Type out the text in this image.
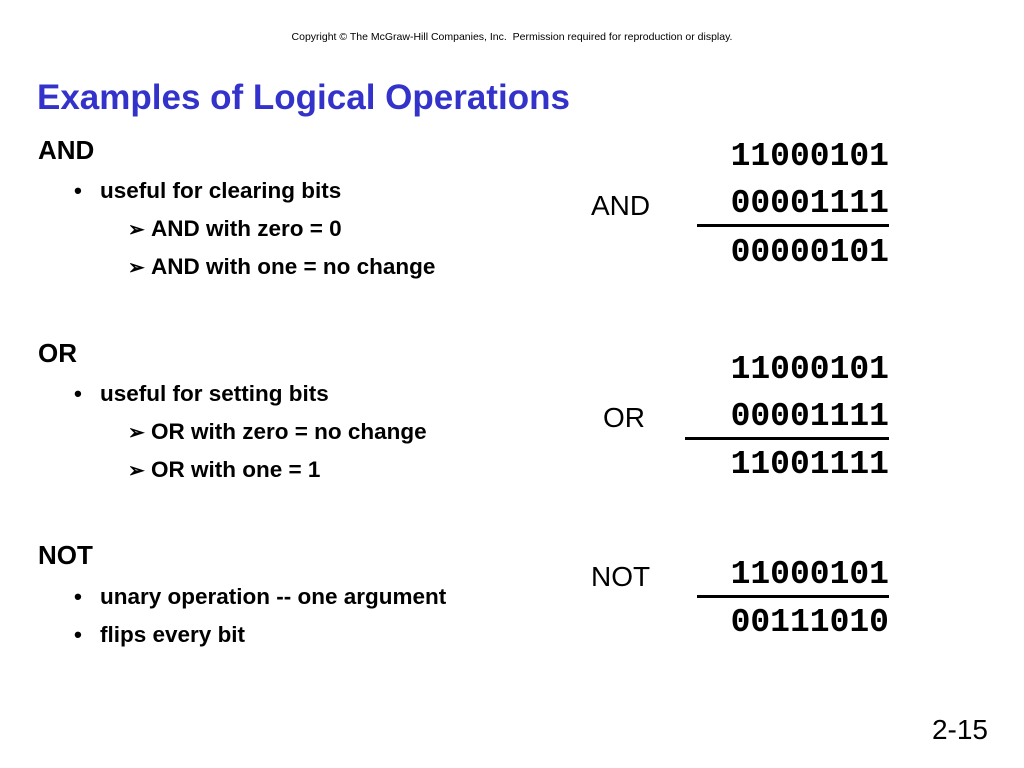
Copyright © The McGraw-Hill Companies, Inc.  Permission required for reproduction or display.
Examples of Logical Operations
AND
• useful for clearing bits
➢ AND with zero = 0
➢ AND with one = no change
OR
• useful for setting bits
➢ OR with zero = no change
➢ OR with one = 1
NOT
• unary operation -- one argument
• flips every bit
11000101
AND	00001111
00000101
11000101
OR	00001111
11001111
NOT	11000101
00111010
2-15
